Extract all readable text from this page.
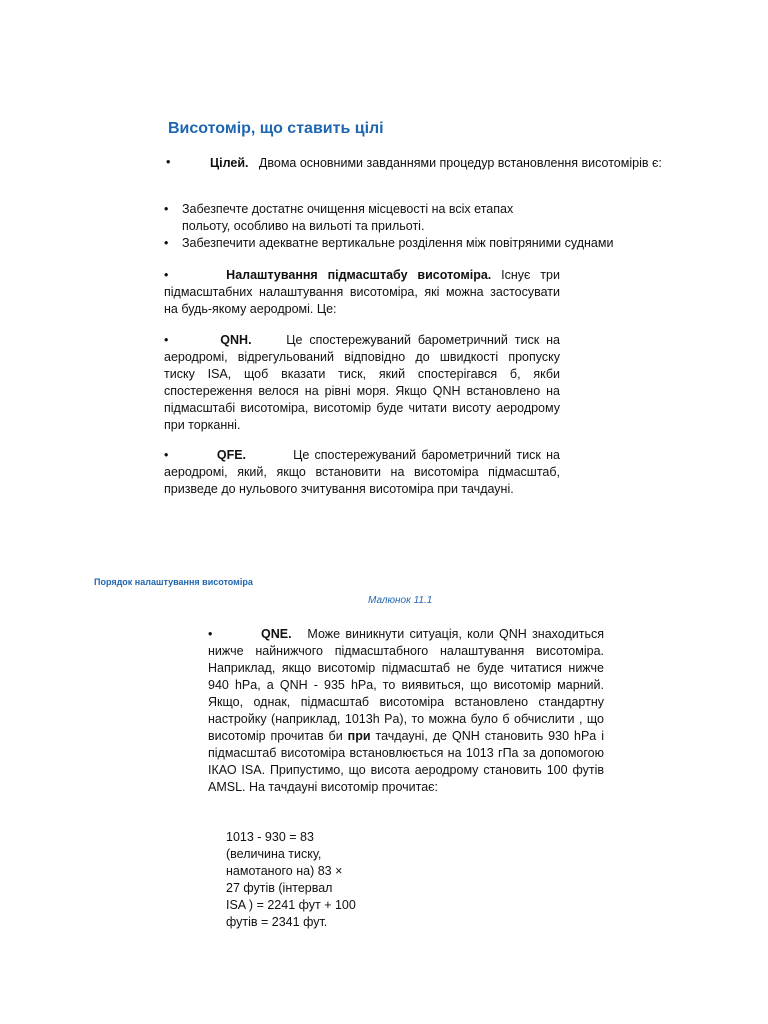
Висотомір, що ставить цілі
•	Цілей. Двома основними завданнями процедур встановлення висотомірів є:
• Забезпечте достатнє очищення місцевості на всіх етапах польоту, особливо на вильоті та прильоті.
• Забезпечити адекватне вертикальне розділення між повітряними суднами
•	Налаштування підмасштабу висотоміра. Існує три підмасштабних налаштування висотоміра, які можна застосувати на будь-якому аеродромі. Це:
•	QNH.	Це спостережуваний барометричний тиск на аеродромі, відрегульований відповідно до швидкості пропуску тиску ISA, щоб вказати тиск, який спостерігався б, якби спостереження велося на рівні моря. Якщо QNH встановлено на підмасштабі висотоміра, висотомір буде читати висоту аеродрому при торканні.
•	QFE.	Це спостережуваний барометричний тиск на аеродромі, який, якщо встановити на висотоміра підмасштаб, призведе до нульового зчитування висотоміра при тачдауні.
Порядок налаштування висотоміра
Малюнок 11.1
•	QNE. Може виникнути ситуація, коли QNH знаходиться нижче найнижчого підмасштабного налаштування висотоміра. Наприклад, якщо висотомір підмасштаб не буде читатися нижче 940 hPa, а QNH - 935 hPa, то виявиться, що висотомір марний. Якщо, однак, підмасштаб висотоміра встановлено стандартну настройку (наприклад, 1013h Pa), то можна було б обчислити , що висотомір прочитав би при тачдауні, де QNH становить 930 hPa і підмасштаб висотоміра встановлюється на 1013 гПа за допомогою ІКАО ISA. Припустимо, що висота аеродрому становить 100 футів AMSL. На тачдауні висотомір прочитає:
1013 - 930 = 83
(величина тиску,
намотаного на) 83 ×
27 футів (інтервал
ISA ) = 2241 фут + 100
футів = 2341 фут.
